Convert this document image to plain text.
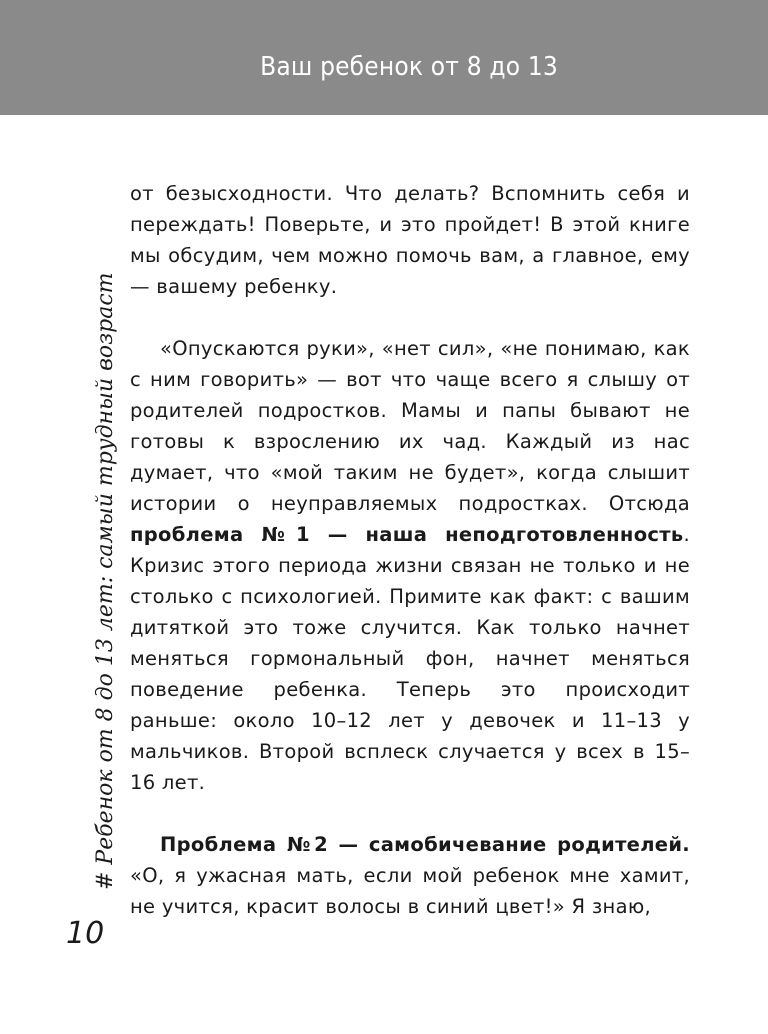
Ваш ребенок от 8 до 13
# Ребенок от 8 до 13 лет: самый трудный возраст

от безысходности. Что делать? Вспомнить себя и переждать! Поверьте, и это пройдет! В этой книге мы обсудим, чем можно помочь вам, а главное, ему — вашему ребенку.

«Опускаются руки», «нет сил», «не понимаю, как с ним говорить» — вот что чаще всего я слышу от родителей подростков. Мамы и папы бывают не готовы к взрослению их чад. Каждый из нас думает, что «мой таким не будет», когда слышит истории о неуправляемых подростках. Отсюда проблема №1 — наша неподготовленность. Кризис этого периода жизни связан не только и не столько с психологией. Примите как факт: с вашим дитяткой это тоже случится. Как только начнет меняться гормональный фон, начнет меняться поведение ребенка. Теперь это происходит раньше: около 10–12 лет у девочек и 11–13 у мальчиков. Второй всплеск случается у всех в 15–16 лет.

Проблема №2 — самобичевание родителей. «О, я ужасная мать, если мой ребенок мне хамит, не учится, красит волосы в синий цвет!» Я знаю,

10
